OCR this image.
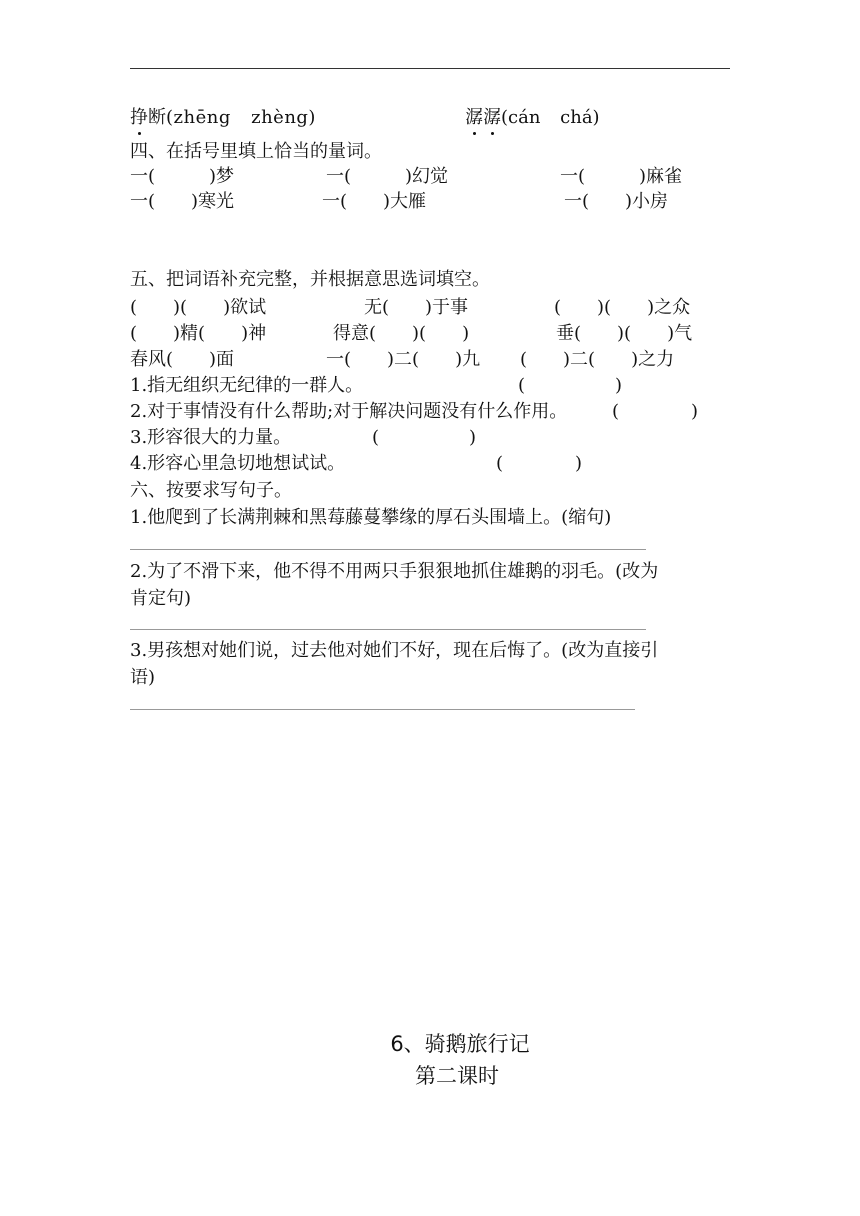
挣断(zhēng zhèng)	潺潺(cán chá)
四、在括号里填上恰当的量词。
一(　　　)梦	一(　　　)幻觉	一(　　　)麻雀
一(　　)寒光	一(　　)大雁	一(　　)小房
五、把词语补充完整，并根据意思选词填空。
(　　)(　　)欲试	无(　　)于事	(　　)(　　)之众
(　　)精(　　)神	得意(　　)(　　)	垂(　　)(　　)气
春风(　　)面	一(　　)二(　　)九 (　　)二(　　)之力
1.指无组织无纪律的一群人。	(　　　　　)
2.对于事情没有什么帮助;对于解决问题没有什么作用。 (　　　　)
3.形容很大的力量。	(　　　　　)
4.形容心里急切地想试试。	(　　　　)
六、按要求写句子。
1.他爬到了长满荆棘和黑莓藤蔓攀缘的厚石头围墙上。(缩句)
2.为了不滑下来，他不得不用两只手狠狠地抓住雄鹅的羽毛。(改为
肯定句)
3.男孩想对她们说，过去他对她们不好，现在后悔了。(改为直接引
语)
6、骑鹅旅行记
第二课时
